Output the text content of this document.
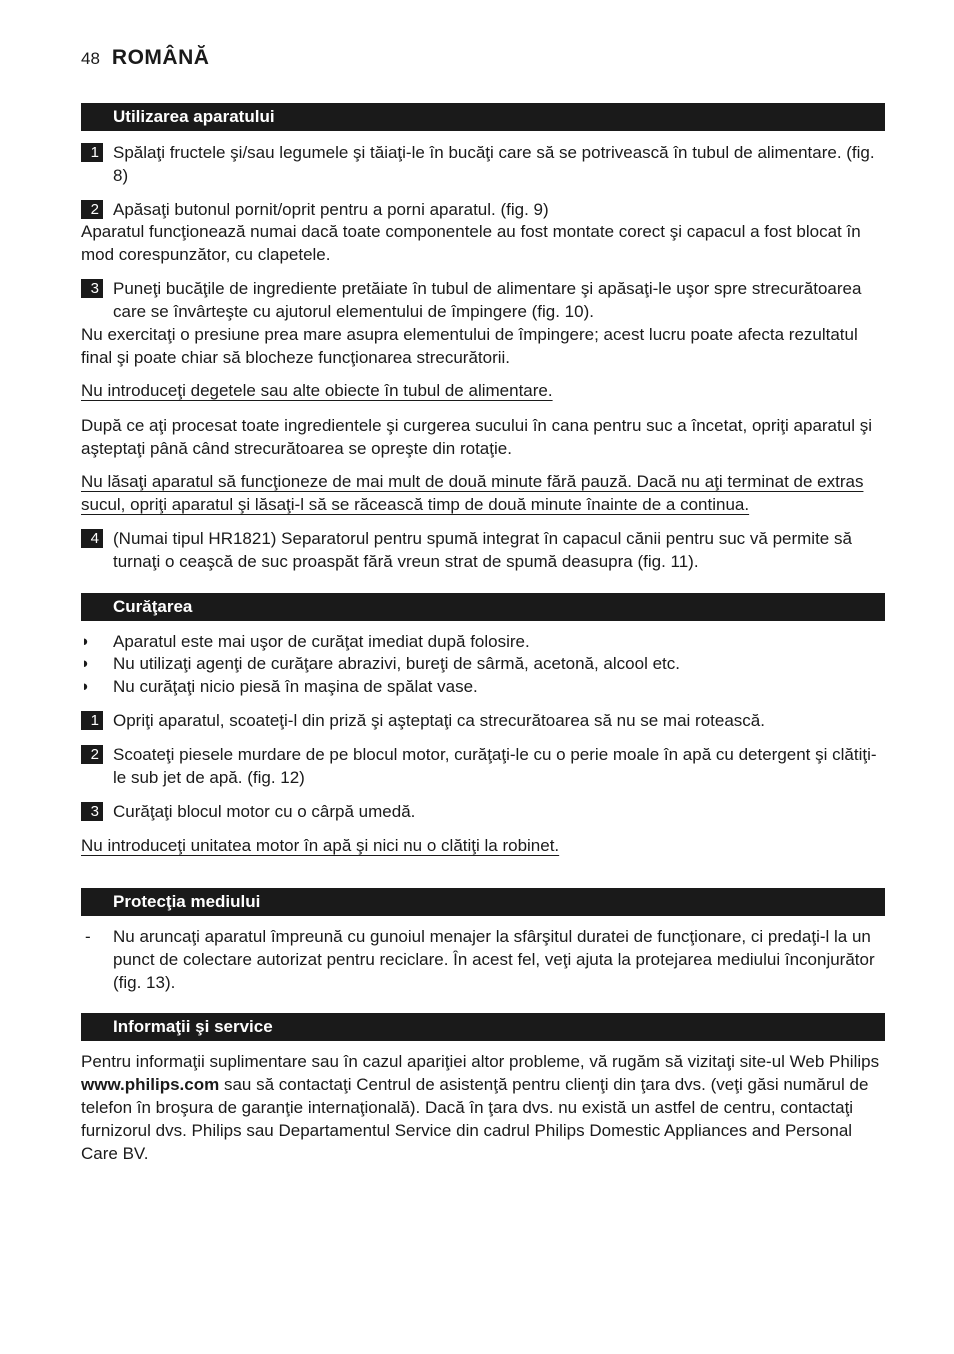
48 ROMÂNĂ
Utilizarea aparatului
1 Spălaţi fructele şi/sau legumele şi tăiaţi-le în bucăţi care să se potrivească în tubul de alimentare. (fig. 8)
2 Apăsaţi butonul pornit/oprit pentru a porni aparatul. (fig. 9)
Aparatul funcţionează numai dacă toate componentele au fost montate corect şi capacul a fost blocat în mod corespunzător, cu clapetele.
3 Puneţi bucăţile de ingrediente pretăiate în tubul de alimentare şi apăsaţi-le uşor spre strecurătoarea care se învârteşte cu ajutorul elementului de împingere (fig. 10).
Nu exercitaţi o presiune prea mare asupra elementului de împingere; acest lucru poate afecta rezultatul final şi poate chiar să blocheze funcţionarea strecurătorii.
Nu introduceţi degetele sau alte obiecte în tubul de alimentare.
După ce aţi procesat toate ingredientele şi curgerea sucului în cana pentru suc a încetat, opriţi aparatul şi aşteptaţi până când strecurătoarea se opreşte din rotaţie.
Nu lăsaţi aparatul să funcţioneze de mai mult de două minute fără pauză. Dacă nu aţi terminat de extras sucul, opriţi aparatul şi lăsaţi-l să se răcească timp de două minute înainte de a continua.
4 (Numai tipul HR1821) Separatorul pentru spumă integrat în capacul cănii pentru suc vă permite să turnaţi o ceaşcă de suc proaspăt fără vreun strat de spumă deasupra (fig. 11).
Curăţarea
◗ Aparatul este mai uşor de curăţat imediat după folosire.
◗ Nu utilizaţi agenţi de curăţare abrazivi, bureţi de sârmă, acetonă, alcool etc.
◗ Nu curăţaţi nicio piesă în maşina de spălat vase.
1 Opriţi aparatul, scoateţi-l din priză şi aşteptaţi ca strecurătoarea să nu se mai rotească.
2 Scoateţi piesele murdare de pe blocul motor, curăţaţi-le cu o perie moale în apă cu detergent şi clătiţi-le sub jet de apă. (fig. 12)
3 Curăţaţi blocul motor cu o cârpă umedă.
Nu introduceţi unitatea motor în apă şi nici nu o clătiţi la robinet.
Protecţia mediului
- Nu aruncaţi aparatul împreună cu gunoiul menajer la sfârşitul duratei de funcţionare, ci predaţi-l la un punct de colectare autorizat pentru reciclare. În acest fel, veţi ajuta la protejarea mediului înconjurător (fig. 13).
Informaţii şi service
Pentru informaţii suplimentare sau în cazul apariţiei altor probleme, vă rugăm să vizitaţi site-ul Web Philips www.philips.com sau să contactaţi Centrul de asistenţă pentru clienţi din ţara dvs. (veţi găsi numărul de telefon în broşura de garanţie internaţională). Dacă în ţara dvs. nu există un astfel de centru, contactaţi furnizorul dvs. Philips sau Departamentul Service din cadrul Philips Domestic Appliances and Personal Care BV.
